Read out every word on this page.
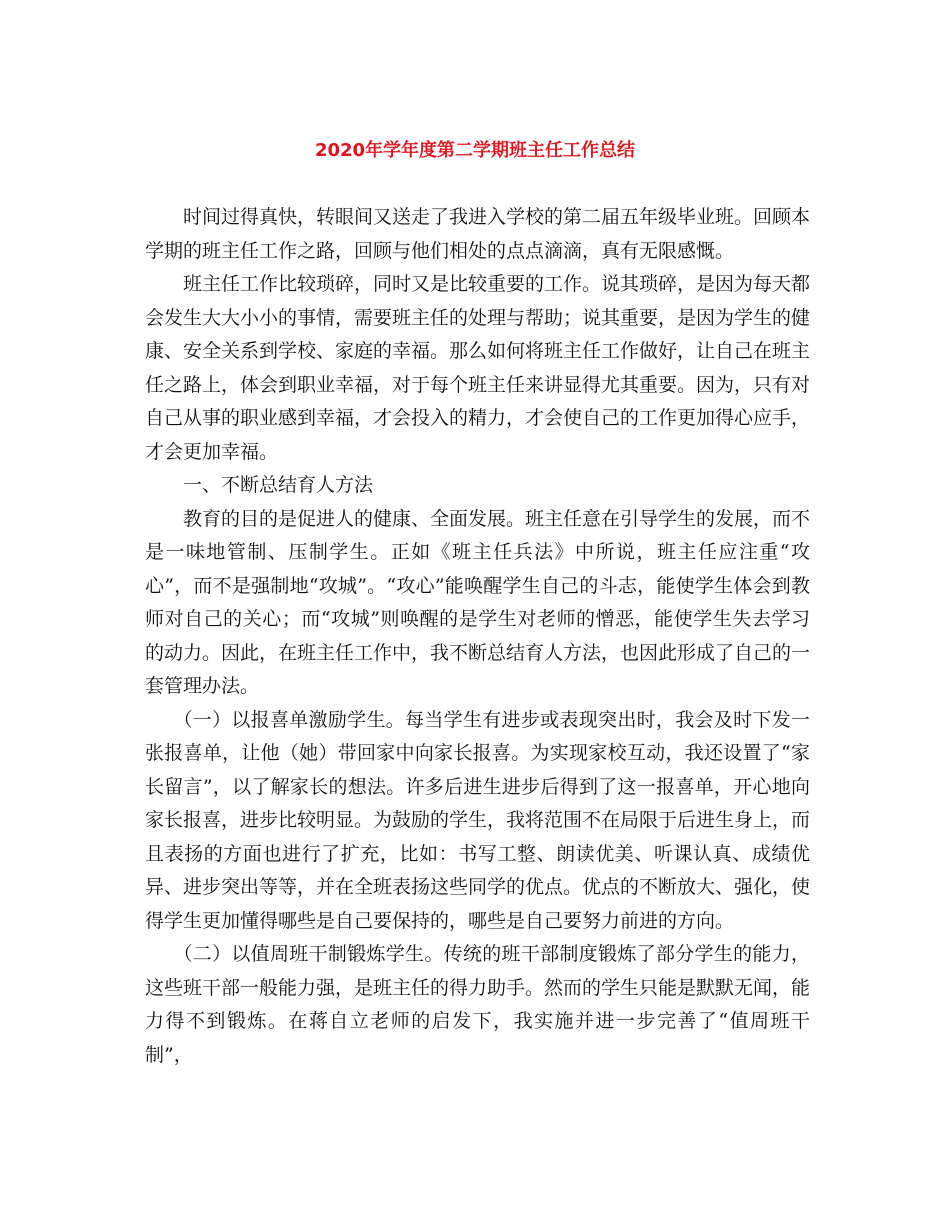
2020年学年度第二学期班主任工作总结

时间过得真快，转眼间又送走了我进入学校的第二届五年级毕业班。回顾本学期的班主任工作之路，回顾与他们相处的点点滴滴，真有无限感慨。

班主任工作比较琐碎，同时又是比较重要的工作。说其琐碎，是因为每天都会发生大大小小的事情，需要班主任的处理与帮助；说其重要，是因为学生的健康、安全关系到学校、家庭的幸福。那么如何将班主任工作做好，让自己在班主任之路上，体会到职业幸福，对于每个班主任来讲显得尤其重要。因为，只有对自己从事的职业感到幸福，才会投入的精力，才会使自己的工作更加得心应手，才会更加幸福。

一、不断总结育人方法

教育的目的是促进人的健康、全面发展。班主任意在引导学生的发展，而不是一味地管制、压制学生。正如《班主任兵法》中所说，班主任应注重“攻心”，而不是强制地“攻城”。“攻心”能唤醒学生自己的斗志，能使学生体会到教师对自己的关心；而“攻城”则唤醒的是学生对老师的憎恶，能使学生失去学习的动力。因此，在班主任工作中，我不断总结育人方法，也因此形成了自己的一套管理办法。

（一）以报喜单激励学生。每当学生有进步或表现突出时，我会及时下发一张报喜单，让他（她）带回家中向家长报喜。为实现家校互动，我还设置了“家长留言”，以了解家长的想法。许多后进生进步后得到了这一报喜单，开心地向家长报喜，进步比较明显。为鼓励的学生，我将范围不在局限于后进生身上，而且表扬的方面也进行了扩充，比如：书写工整、朗读优美、听课认真、成绩优异、进步突出等等，并在全班表扬这些同学的优点。优点的不断放大、强化，使得学生更加懂得哪些是自己要保持的，哪些是自己要努力前进的方向。

（二）以值周班干制锻炼学生。传统的班干部制度锻炼了部分学生的能力，这些班干部一般能力强，是班主任的得力助手。然而的学生只能是默默无闻，能力得不到锻炼。在蒋自立老师的启发下，我实施并进一步完善了“值周班干制”，
